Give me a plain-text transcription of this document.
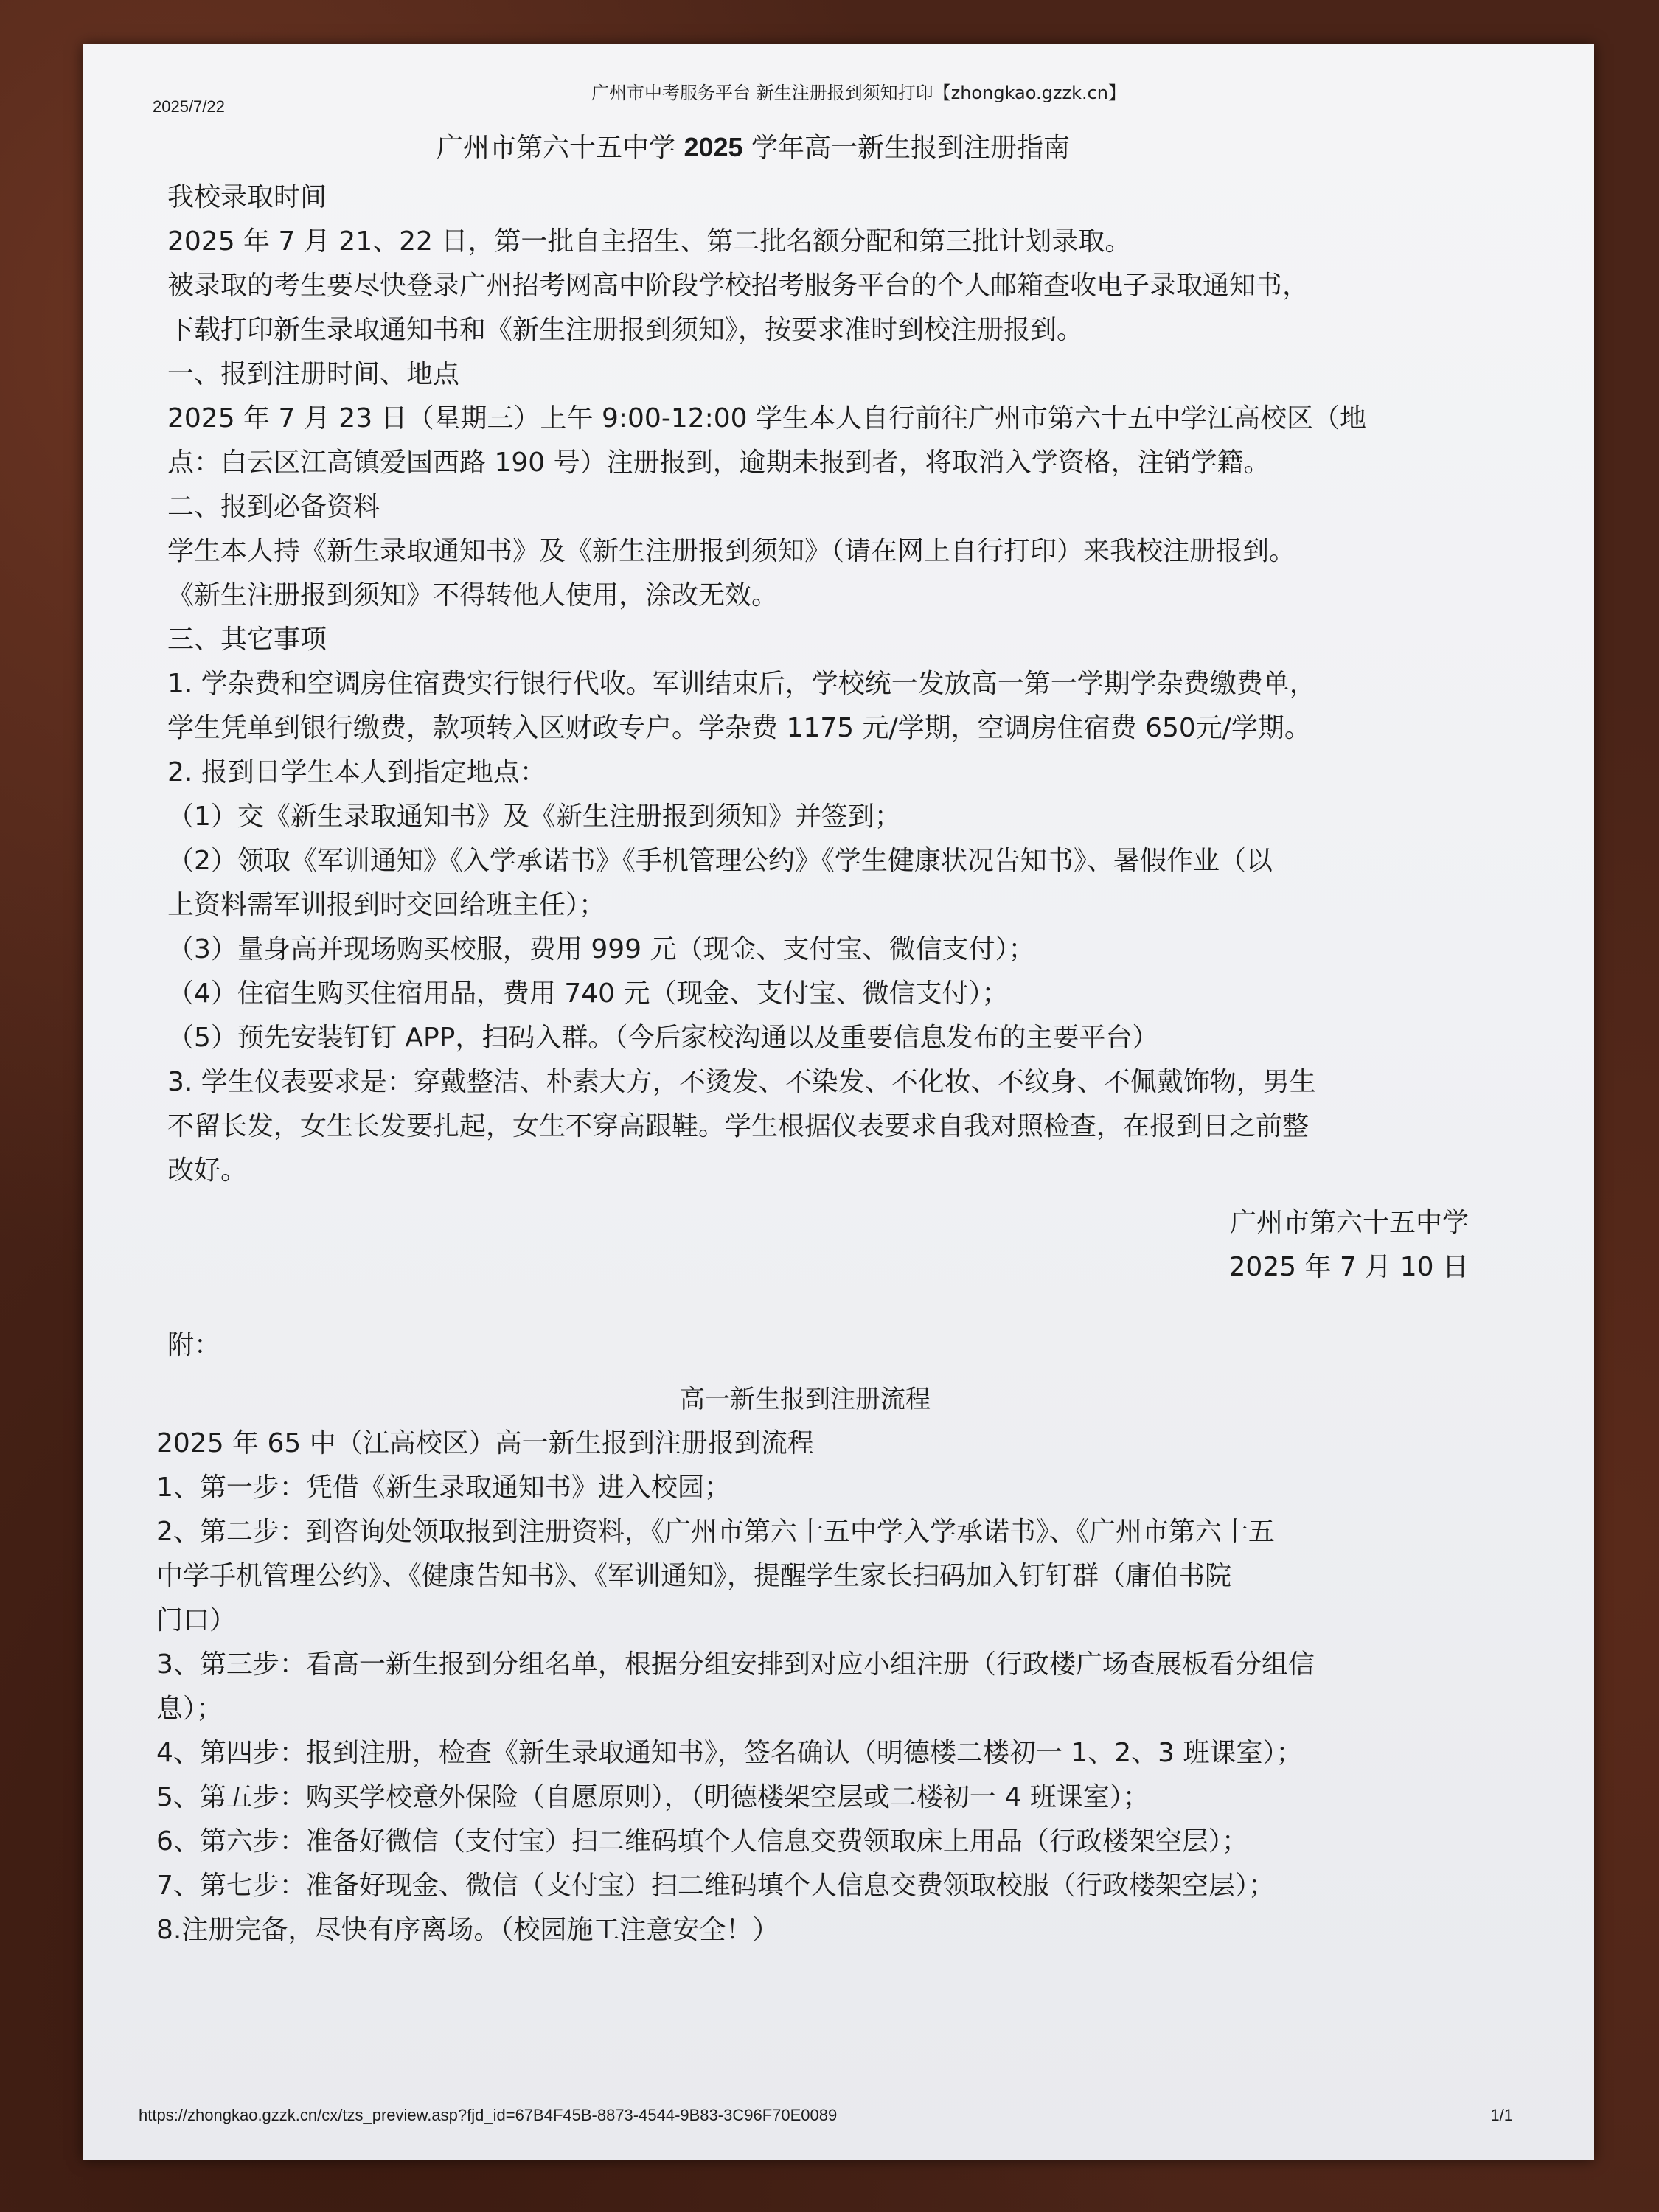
2025/7/22
广州市中考服务平台 新生注册报到须知打印【zhongkao.gzzk.cn】
广州市第六十五中学 2025 学年高一新生报到注册指南
我校录取时间
2025 年 7 月 21、22 日，第一批自主招生、第二批名额分配和第三批计划录取。
被录取的考生要尽快登录广州招考网高中阶段学校招考服务平台的个人邮箱查收电子录取通知书，
下载打印新生录取通知书和《新生注册报到须知》，按要求准时到校注册报到。
一、报到注册时间、地点
2025 年 7 月 23 日（星期三）上午 9:00-12:00 学生本人自行前往广州市第六十五中学江高校区（地
点：白云区江高镇爱国西路 190 号）注册报到，逾期未报到者，将取消入学资格，注销学籍。
二、报到必备资料
学生本人持《新生录取通知书》及《新生注册报到须知》（请在网上自行打印）来我校注册报到。
《新生注册报到须知》不得转他人使用，涂改无效。
三、其它事项
1. 学杂费和空调房住宿费实行银行代收。军训结束后，学校统一发放高一第一学期学杂费缴费单，
学生凭单到银行缴费，款项转入区财政专户。学杂费 1175 元/学期，空调房住宿费 650元/学期。
2. 报到日学生本人到指定地点：
（1）交《新生录取通知书》及《新生注册报到须知》并签到；
（2）领取《军训通知》《入学承诺书》《手机管理公约》《学生健康状况告知书》、暑假作业（以
上资料需军训报到时交回给班主任）；
（3）量身高并现场购买校服，费用 999 元（现金、支付宝、微信支付）；
（4）住宿生购买住宿用品，费用 740 元（现金、支付宝、微信支付）；
（5）预先安装钉钉 APP，扫码入群。（今后家校沟通以及重要信息发布的主要平台）
3. 学生仪表要求是：穿戴整洁、朴素大方，不烫发、不染发、不化妆、不纹身、不佩戴饰物，男生
不留长发，女生长发要扎起，女生不穿高跟鞋。学生根据仪表要求自我对照检查，在报到日之前整
改好。
广州市第六十五中学
2025 年 7 月 10 日
附：
高一新生报到注册流程
2025 年 65 中（江高校区）高一新生报到注册报到流程
1、第一步：凭借《新生录取通知书》进入校园；
2、第二步：到咨询处领取报到注册资料，《广州市第六十五中学入学承诺书》、《广州市第六十五
中学手机管理公约》、《健康告知书》、《军训通知》，提醒学生家长扫码加入钉钉群（庸伯书院
门口）
3、第三步：看高一新生报到分组名单，根据分组安排到对应小组注册（行政楼广场查展板看分组信
息）；
4、第四步：报到注册，检查《新生录取通知书》，签名确认（明德楼二楼初一 1、2、3 班课室）；
5、第五步：购买学校意外保险（自愿原则），（明德楼架空层或二楼初一 4 班课室）；
6、第六步：准备好微信（支付宝）扫二维码填个人信息交费领取床上用品（行政楼架空层）；
7、第七步：准备好现金、微信（支付宝）扫二维码填个人信息交费领取校服（行政楼架空层）；
8.注册完备，尽快有序离场。（校园施工注意安全！）
https://zhongkao.gzzk.cn/cx/tzs_preview.asp?fjd_id=67B4F45B-8873-4544-9B83-3C96F70E0089	1/1
